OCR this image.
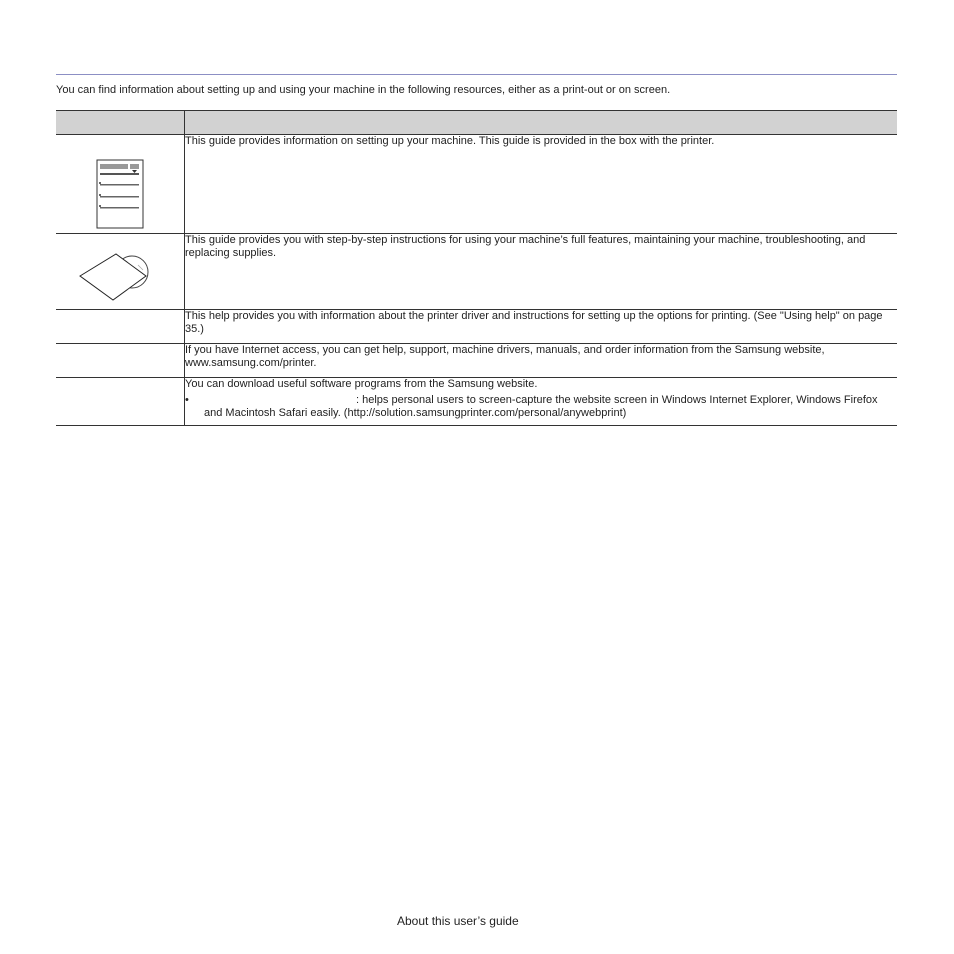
You can find information about setting up and using your machine in the following resources, either as a print-out or on screen.

	This guide provides information on setting up your machine. This guide is provided in the box with the printer.
	This guide provides you with step-by-step instructions for using your machine’s full features, maintaining your machine, troubleshooting, and replacing supplies.
	This help provides you with information about the printer driver and instructions for setting up the options for printing. (See "Using help" on page 35.)
	If you have Internet access, you can get help, support, machine drivers, manuals, and order information from the Samsung website, www.samsung.com/printer.

	You can download useful software programs from the Samsung website.
• : helps personal users to screen-capture the website screen in Windows Internet Explorer, Windows Firefox and Macintosh Safari easily. (http://solution.samsungprinter.com/personal/anywebprint)
About this user’s guide
